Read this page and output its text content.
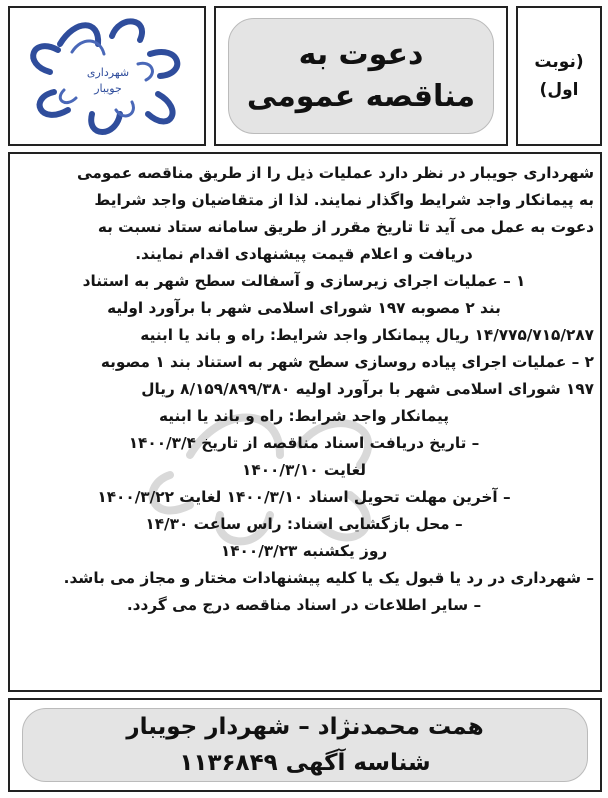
شهرداری
جویبار
دعوت به
مناقصه عمومی
(نوبت
اول)

شهرداری جویبار در نظر دارد عملیات ذیل را از طریق مناقصه عمومی

به پیمانکار واجد شرایط واگذار نمایند. لذا از متقاضیان واجد شرایط

دعوت به عمل می آید تا تاریخ مقرر از طریق سامانه ستاد نسبت به

دریافت و اعلام قیمت پیشنهادی اقدام نمایند.

۱ – عملیات اجرای زیرسازی و آسفالت سطح شهر به استناد

بند ۲ مصوبه ۱۹۷ شورای اسلامی شهر با برآورد اولیه

۱۴/۷۷۵/۷۱۵/۲۸۷ ریال پیمانکار واجد شرایط: راه و باند یا ابنیه

۲ – عملیات اجرای پیاده روسازی سطح شهر به استناد بند ۱ مصوبه

۱۹۷ شورای اسلامی شهر با برآورد اولیه ۸/۱۵۹/۸۹۹/۳۸۰ ریال

پیمانکار واجد شرایط: راه و باند یا ابنیه

– تاریخ دریافت اسناد مناقصه از تاریخ ۱۴۰۰/۳/۴

لغایت ۱۴۰۰/۳/۱۰

– آخرین مهلت تحویل اسناد ۱۴۰۰/۳/۱۰ لغایت ۱۴۰۰/۳/۲۲

– محل بازگشایی اسناد: راس ساعت ۱۴/۳۰

روز یکشنبه ۱۴۰۰/۳/۲۳

– شهرداری در رد یا قبول یک یا کلیه پیشنهادات مختار و مجاز می باشد.

– سایر اطلاعات در اسناد مناقصه درج می گردد.

همت محمدنژاد – شهردار جویبار
شناسه آگهی ۱۱۳۶۸۴۹
